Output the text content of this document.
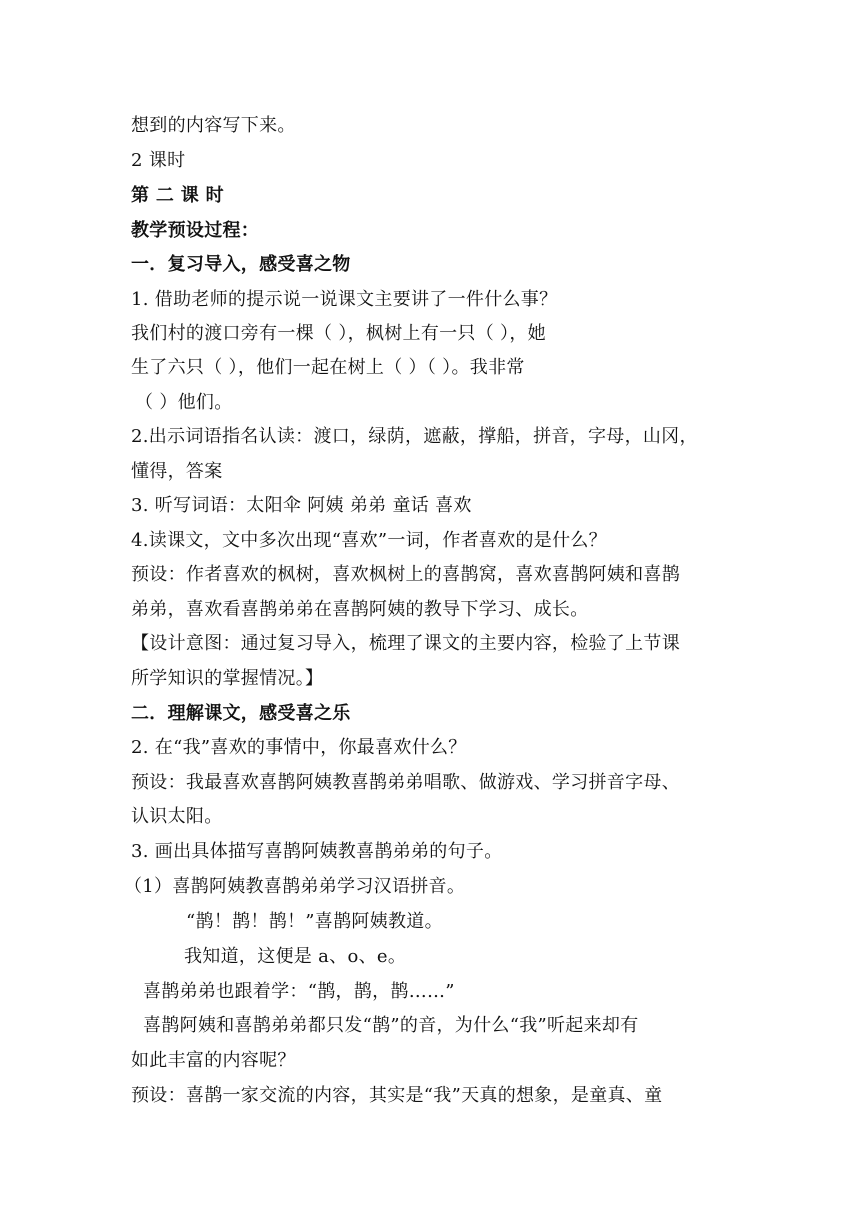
想到的内容写下来。
2 课时
第 二 课 时
教学预设过程：
一．复习导入，感受喜之物
1. 借助老师的提示说一说课文主要讲了一件什么事？
我们村的渡口旁有一棵（ ），枫树上有一只（ ），她
生了六只（ ），他们一起在树上（ ）（ ）。我非常
（ ）他们。
2.出示词语指名认读：渡口，绿荫，遮蔽，撑船，拼音，字母，山冈，
懂得，答案
3. 听写词语：太阳伞 阿姨 弟弟 童话 喜欢
4.读课文，文中多次出现“喜欢”一词，作者喜欢的是什么？
预设：作者喜欢的枫树，喜欢枫树上的喜鹊窝，喜欢喜鹊阿姨和喜鹊
弟弟，喜欢看喜鹊弟弟在喜鹊阿姨的教导下学习、成长。
【设计意图：通过复习导入，梳理了课文的主要内容，检验了上节课
所学知识的掌握情况。】
二．理解课文，感受喜之乐
2. 在“我”喜欢的事情中，你最喜欢什么？
预设：我最喜欢喜鹊阿姨教喜鹊弟弟唱歌、做游戏、学习拼音字母、
认识太阳。
3. 画出具体描写喜鹊阿姨教喜鹊弟弟的句子。
（1）喜鹊阿姨教喜鹊弟弟学习汉语拼音。
“鹊！鹊！鹊！”喜鹊阿姨教道。
我知道，这便是 a、o、e。
喜鹊弟弟也跟着学：“鹊，鹊，鹊……”
喜鹊阿姨和喜鹊弟弟都只发“鹊”的音，为什么“我”听起来却有
如此丰富的内容呢？
预设：喜鹊一家交流的内容，其实是“我”天真的想象，是童真、童
